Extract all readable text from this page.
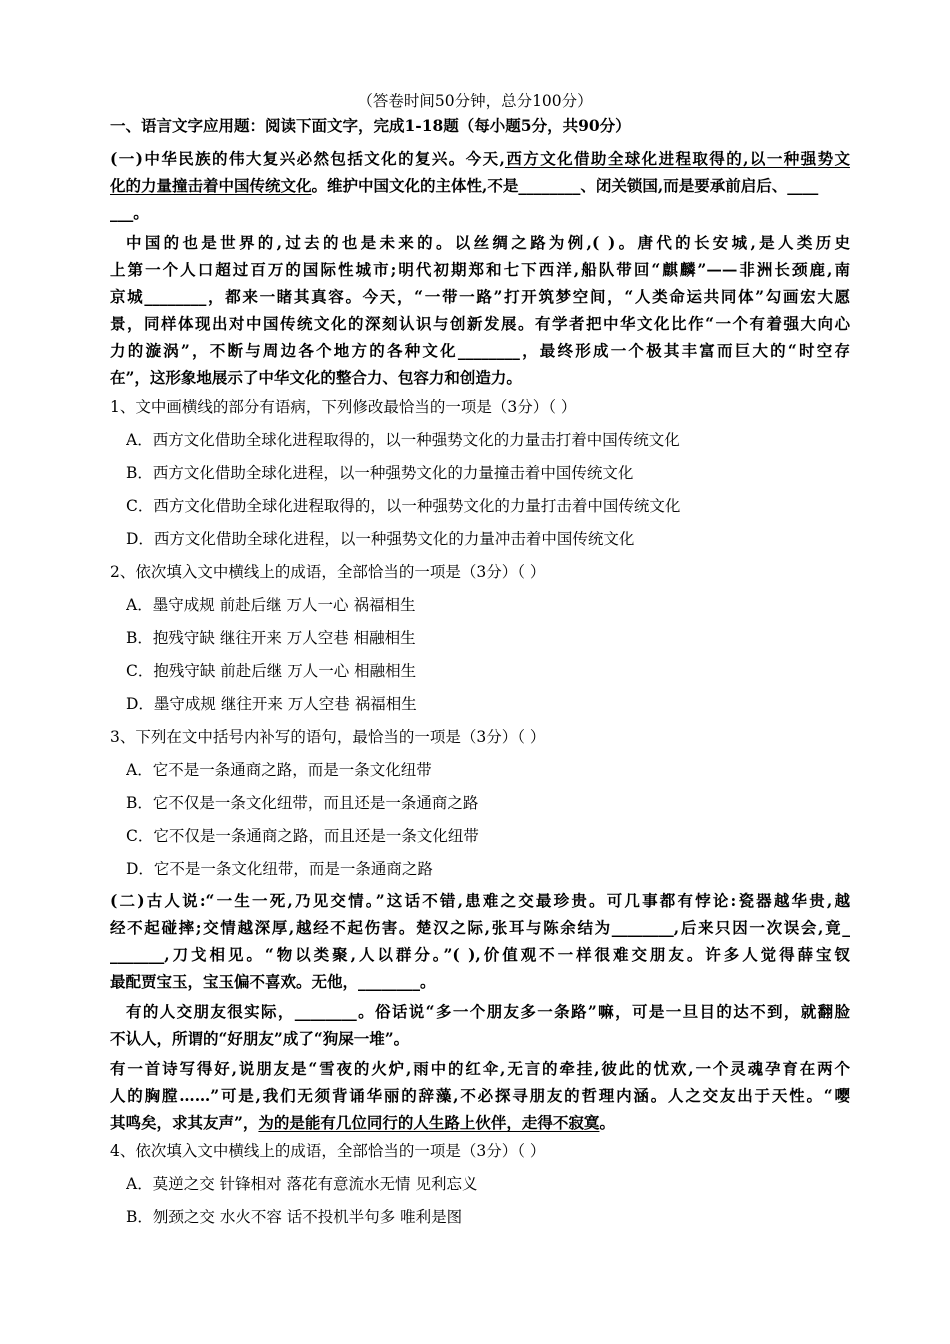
（答卷时间50分钟，总分100分）
一、语言文字应用题：阅读下面文字，完成1-18题（每小题5分，共90分）
(一)中华民族的伟大复兴必然包括文化的复兴。今天,西方文化借助全球化进程取得的,以一种强势文
化的力量撞击着中国传统文化。维护中国文化的主体性,不是________、闭关锁国,而是要承前启后、____
___。
中国的也是世界的,过去的也是未来的。以丝绸之路为例,( )。唐代的长安城,是人类历史
上第一个人口超过百万的国际性城市;明代初期郑和七下西洋,船队带回“麒麟”——非洲长颈鹿,南
京城________，都来一睹其真容。今天，“一带一路”打开筑梦空间，“人类命运共同体”勾画宏大愿
景，同样体现出对中国传统文化的深刻认识与创新发展。有学者把中华文化比作“一个有着强大向心
力的漩涡”，不断与周边各个地方的各种文化________，最终形成一个极其丰富而巨大的“时空存
在”，这形象地展示了中华文化的整合力、包容力和创造力。
1、文中画横线的部分有语病，下列修改最恰当的一项是（3分）（ ）
A．西方文化借助全球化进程取得的，以一种强势文化的力量击打着中国传统文化
B．西方文化借助全球化进程，以一种强势文化的力量撞击着中国传统文化
C．西方文化借助全球化进程取得的，以一种强势文化的力量打击着中国传统文化
D．西方文化借助全球化进程，以一种强势文化的力量冲击着中国传统文化
2、依次填入文中横线上的成语，全部恰当的一项是（3分）（ ）
A．墨守成规 前赴后继 万人一心 祸福相生
B．抱残守缺 继往开来 万人空巷 相融相生
C．抱残守缺 前赴后继 万人一心 相融相生
D．墨守成规 继往开来 万人空巷 祸福相生
3、下列在文中括号内补写的语句，最恰当的一项是（3分）（ ）
A．它不是一条通商之路，而是一条文化纽带
B．它不仅是一条文化纽带，而且还是一条通商之路
C．它不仅是一条通商之路，而且还是一条文化纽带
D．它不是一条文化纽带，而是一条通商之路
(二)古人说:“一生一死,乃见交情。”这话不错,患难之交最珍贵。可几事都有悖论:瓷器越华贵,越
经不起碰摔;交情越深厚,越经不起伤害。楚汉之际,张耳与陈余结为________,后来只因一次误会,竟_
_______,刀戈相见。“物以类聚,人以群分。”( ),价值观不一样很难交朋友。许多人觉得薛宝钗
最配贾宝玉，宝玉偏不喜欢。无他，________。
有的人交朋友很实际，________。俗话说“多一个朋友多一条路”嘛，可是一旦目的达不到，就翻脸
不认人，所谓的“好朋友”成了“狗屎一堆”。
有一首诗写得好,说朋友是“雪夜的火炉,雨中的红伞,无言的牵挂,彼此的忧欢,一个灵魂孕育在两个
人的胸膛……”可是,我们无须背诵华丽的辞藻,不必探寻朋友的哲理内涵。人之交友出于天性。“嘤
其鸣矣，求其友声”，为的是能有几位同行的人生路上伙伴，走得不寂寞。
4、依次填入文中横线上的成语，全部恰当的一项是（3分）（ ）
A．莫逆之交 针锋相对 落花有意流水无情 见利忘义
B．刎颈之交 水火不容 话不投机半句多 唯利是图
